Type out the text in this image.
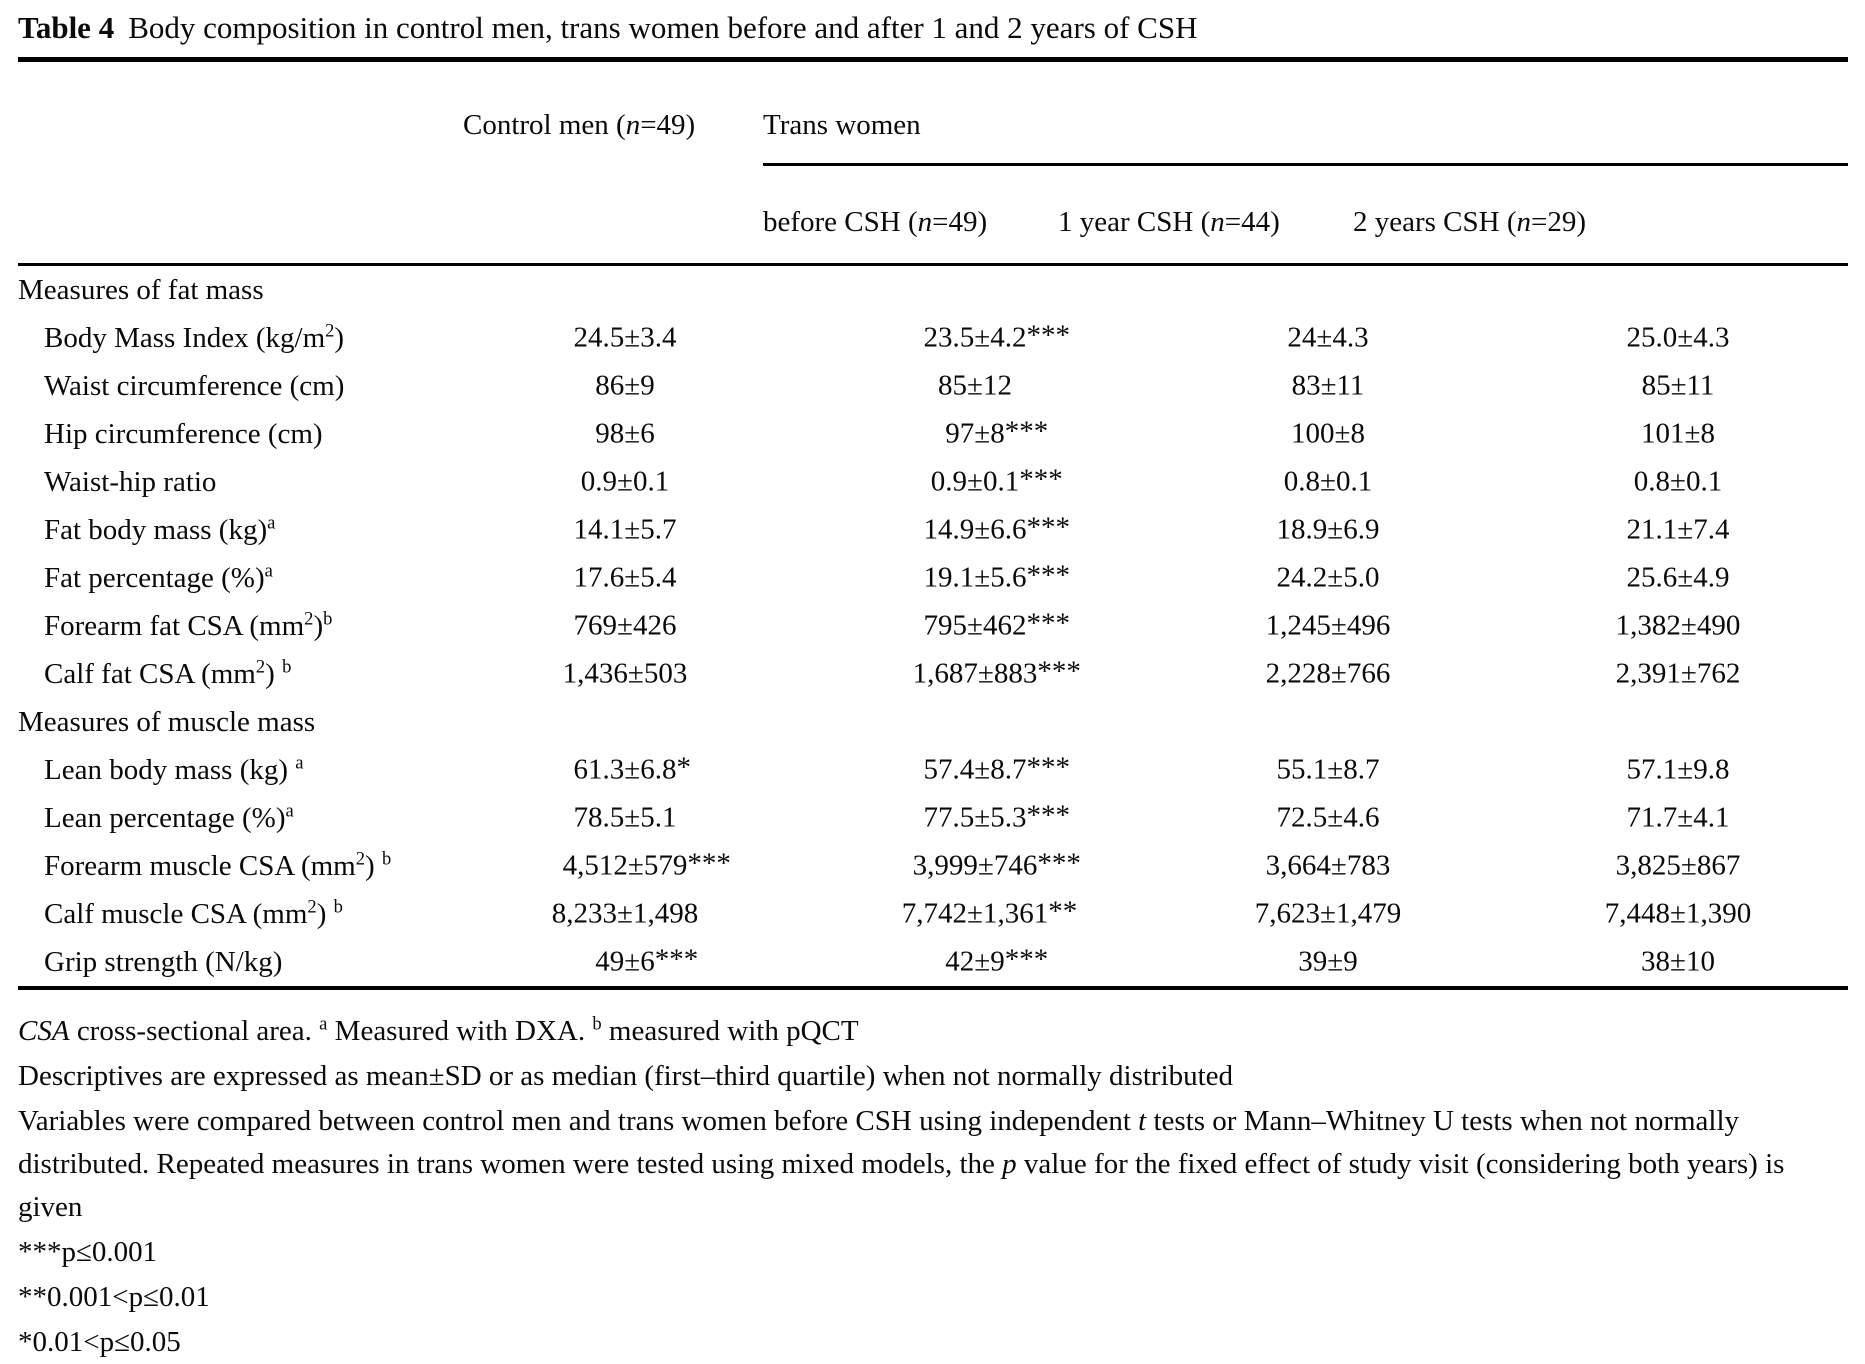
Table 4 Body composition in control men, trans women before and after 1 and 2 years of CSH
	Control men (n=49)	Trans women		
		before CSH (n=49)	1 year CSH (n=44)	2 years CSH (n=29)
Measures of fat mass				
Body Mass Index $(kg/m^2)$	24.5±3.4	23.5±4.2 ***	24±4.3	25.0±4.3

Waist circumference (cm)	86±9	85±12	83±11	85±11

Hip circumference (cm)	98±6	97±8 ***	100±8	101±8

Waist-hip ratio	0.9±0.1	0.9±0.1 ***	0.8±0.1	0.8±0.1

Fat body mass (kg)$^a$	14.1±5.7	14.9±6.6 ***	18.9±6.9	21.1±7.4

Fat percentage (%)$^a$	17.6±5.4	19.1±5.6 ***	24.2±5.0	25.6±4.9

Forearm fat CSA $(mm^2)^b$	769±426	795±462 ***	1,245±496	1,382±490

Calf fat CSA $(mm^2)$ $^b$	1,436±503	1,687±883 ***	2,228±766	2,391±762

Measures of muscle mass				
Lean body mass (kg) $^a$	61.3±6.8 *	57.4±8.7 ***	55.1±8.7	57.1±9.8

Lean percentage (%)$^a$	78.5±5.1	77.5±5.3 ***	72.5±4.6	71.7±4.1

Forearm muscle CSA $(mm^2)$ $^b$	4,512±579 ***	3,999±746 ***	3,664±783	3,825±867

Calf muscle CSA $(mm^2)$ $^b$	8,233±1,498	7,742±1,361 **	7,623±1,479	7,448±1,390

Grip strength (N/kg)	49±6 ***	42±9 ***	39±9	38±10
CSA cross-sectional area. $^a$ Measured with DXA. $^b$ measured with pQCT
Descriptives are expressed as mean±SD or as median (first–third quartile) when not normally distributed
Variables were compared between control men and trans women before CSH using independent t tests or Mann–Whitney U tests when not normally distributed. Repeated measures in trans women were tested using mixed models, the p value for the fixed effect of study visit (considering both years) is given
***p≤0.001
**0.001<p≤0.01
*0.01<p≤0.05
